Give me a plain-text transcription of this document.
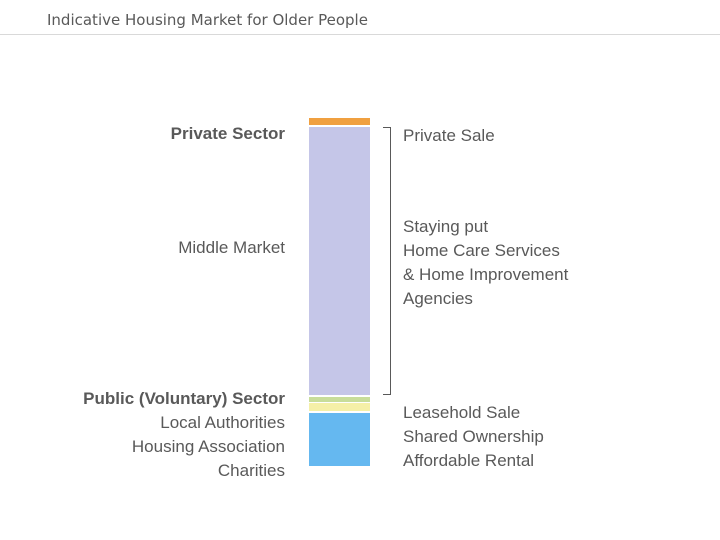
Indicative Housing Market for Older People
Private Sector
Middle Market
Public (Voluntary) Sector
Local Authorities
Housing Association
Charities
Private Sale
Staying put
Home Care Services
& Home Improvement
Agencies
Leasehold Sale
Shared Ownership
Affordable Rental
